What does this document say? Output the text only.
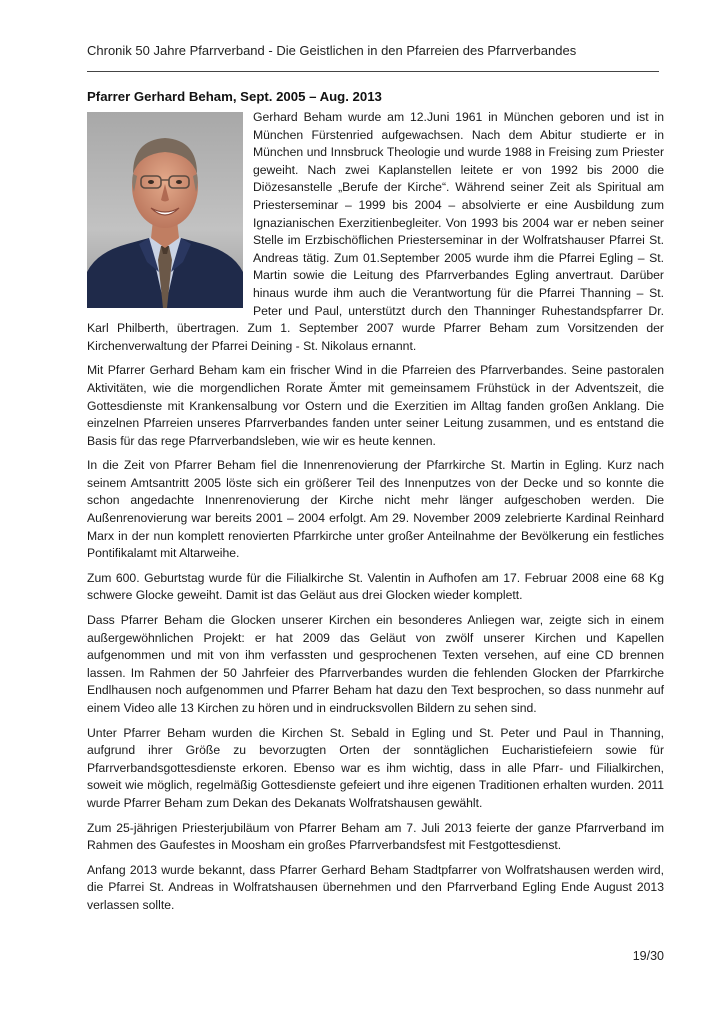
Chronik 50 Jahre Pfarrverband - Die Geistlichen in den Pfarreien des Pfarrverbandes
Pfarrer Gerhard Beham, Sept. 2005 – Aug. 2013

Gerhard Beham wurde am 12.Juni 1961 in München geboren und ist in München Fürstenried aufgewachsen. Nach dem Abitur studierte er in München und Innsbruck Theologie und wurde 1988 in Freising zum Priester geweiht. Nach zwei Kaplanstellen leitete er von 1992 bis 2000 die Diözesanstelle „Berufe der Kirche“. Während seiner Zeit als Spiritual am Priesterseminar – 1999 bis 2004 – absolvierte er eine Ausbildung zum Ignazianischen Exerzitienbegleiter. Von 1993 bis 2004 war er neben seiner Stelle im Erzbischöflichen Priesterseminar in der Wolfratshauser Pfarrei St. Andreas tätig. Zum 01.September 2005 wurde ihm die Pfarrei Egling – St. Martin sowie die Leitung des Pfarrverbandes Egling anvertraut. Darüber hinaus wurde ihm auch die Verantwortung für die Pfarrei Thanning – St. Peter und Paul, unterstützt durch den Thanninger Ruhestandspfarrer Dr. Karl Philberth, übertragen. Zum 1. September 2007 wurde Pfarrer Beham zum Vorsitzenden der Kirchenverwaltung der Pfarrei Deining - St. Nikolaus ernannt.

Mit Pfarrer Gerhard Beham kam ein frischer Wind in die Pfarreien des Pfarrverbandes. Seine pastoralen Aktivitäten, wie die morgendlichen Rorate Ämter mit gemeinsamem Frühstück in der Adventszeit, die Gottesdienste mit Krankensalbung vor Ostern und die Exerzitien im Alltag fanden großen Anklang. Die einzelnen Pfarreien unseres Pfarrverbandes fanden unter seiner Leitung zusammen, und es entstand die Basis für das rege Pfarrverbandsleben, wie wir es heute kennen.

In die Zeit von Pfarrer Beham fiel die Innenrenovierung der Pfarrkirche St. Martin in Egling. Kurz nach seinem Amtsantritt 2005 löste sich ein größerer Teil des Innenputzes von der Decke und so konnte die schon angedachte Innenrenovierung der Kirche nicht mehr länger aufgeschoben werden. Die Außenrenovierung war bereits 2001 – 2004 erfolgt. Am 29. November 2009 zelebrierte Kardinal Reinhard Marx in der nun komplett renovierten Pfarrkirche unter großer Anteilnahme der Bevölkerung ein festliches Pontifikalamt mit Altarweihe.

Zum 600. Geburtstag wurde für die Filialkirche St. Valentin in Aufhofen am 17. Februar 2008 eine 68 Kg schwere Glocke geweiht. Damit ist das Geläut aus drei Glocken wieder komplett.

Dass Pfarrer Beham die Glocken unserer Kirchen ein besonderes Anliegen war, zeigte sich in einem außergewöhnlichen Projekt: er hat 2009 das Geläut von zwölf unserer Kirchen und Kapellen aufgenommen und mit von ihm verfassten und gesprochenen Texten versehen, auf eine CD brennen lassen. Im Rahmen der 50 Jahrfeier des Pfarrverbandes wurden die fehlenden Glocken der Pfarrkirche Endlhausen noch aufgenommen und Pfarrer Beham hat dazu den Text besprochen, so dass nunmehr auf einem Video alle 13 Kirchen zu hören und in eindrucksvollen Bildern zu sehen sind.

Unter Pfarrer Beham wurden die Kirchen St. Sebald in Egling und St. Peter und Paul in Thanning, aufgrund ihrer Größe zu bevorzugten Orten der sonntäglichen Eucharistiefeiern sowie für Pfarrverbandsgottesdienste erkoren. Ebenso war es ihm wichtig, dass in alle Pfarr- und Filialkirchen, soweit wie möglich, regelmäßig Gottesdienste gefeiert und ihre eigenen Traditionen erhalten wurden. 2011 wurde Pfarrer Beham zum Dekan des Dekanats Wolfratshausen gewählt.

Zum 25-jährigen Priesterjubiläum von Pfarrer Beham am 7. Juli 2013 feierte der ganze Pfarrverband im Rahmen des Gaufestes in Moosham ein großes Pfarrverbandsfest mit Festgottesdienst.

Anfang 2013 wurde bekannt, dass Pfarrer Gerhard Beham Stadtpfarrer von Wolfratshausen werden wird, die Pfarrei St. Andreas in Wolfratshausen übernehmen und den Pfarrverband Egling Ende August 2013 verlassen sollte.

19/30
